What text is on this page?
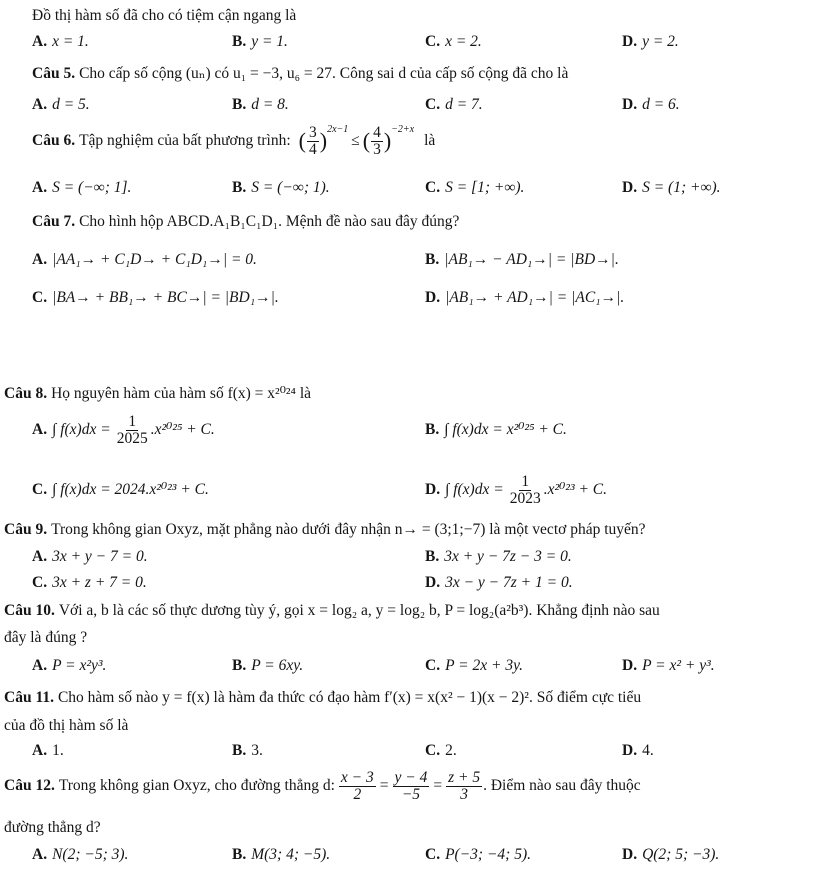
Đồ thị hàm số đã cho có tiệm cận ngang là
A. x = 1.	B. y = 1.	C. x = 2.	D. y = 2.
Câu 5. Cho cấp số cộng (uₙ) có u₁ = −3, u₆ = 27. Công sai d của cấp số cộng đã cho là
A. d = 5.	B. d = 8.	C. d = 7.	D. d = 6.
Câu 6. Tập nghiệm của bất phương trình: ( $\frac{3}{4} )^{2x-1}$
≤ ( $\frac{4}{3} )^{-2+x}$
là
A. S = (−∞; 1].	B. S = (−∞; 1).	C. S = [1; +∞).	D. S = (1; +∞).
Câu 7. Cho hình hộp ABCD.A₁B₁C₁D₁. Mệnh đề nào sau đây đúng?
A. |AA₁→ + C₁D→ + C₁D₁→| = 0.	B. |AB₁→ − AD₁→| = |BD→|.
C. |BA→ + BB₁→ + BC→| = |BD₁→|.	D. |AB₁→ + AD₁→| = |AC₁→|.
Câu 8. Họ nguyên hàm của hàm số f(x) = x²⁰²⁴ là
A. ∫ $f(x)dx = \frac{1}{2025} .x^{2025} + C$.	B. ∫ f(x)dx = x²⁰²⁵ + C.
C. ∫ f(x)dx = 2024.x²⁰²³ + C.	D. ∫ $f(x)dx = \frac{1}{2023} .x^{2023} + C$.
Câu 9. Trong không gian Oxyz, mặt phẳng nào dưới đây nhận n→ = (3;1;−7) là một vectơ pháp tuyến?
A. 3x + y − 7 = 0.	B. 3x + y − 7z − 3 = 0.
C. 3x + z + 7 = 0.	D. 3x − y − 7z + 1 = 0.
Câu 10. Với a, b là các số thực dương tùy ý, gọi x = log₂ a, y = log₂ b, P = log₂(a²b³). Khẳng định nào sau
đây là đúng ?
A. P = x²y³.	B. P = 6xy.	C. P = 2x + 3y.	D. P = x² + y³.
Câu 11. Cho hàm số nào y = f(x) là hàm đa thức có đạo hàm f′(x) = x(x² − 1)(x − 2)². Số điểm cực tiểu
của đồ thị hàm số là
A. 1.	B. 3.	C. 2.	D. 4.
Câu 12. Trong không gian Oxyz, cho đường thẳng d: $\frac{x - 3}{2} = \frac{y - 4}{-5} = \frac{z + 5}{3}$ . Điểm nào sau đây thuộc
đường thẳng d?
A. N(2; −5; 3).	B. M(3; 4; −5).	C. P(−3; −4; 5).	D. Q(2; 5; −3).
